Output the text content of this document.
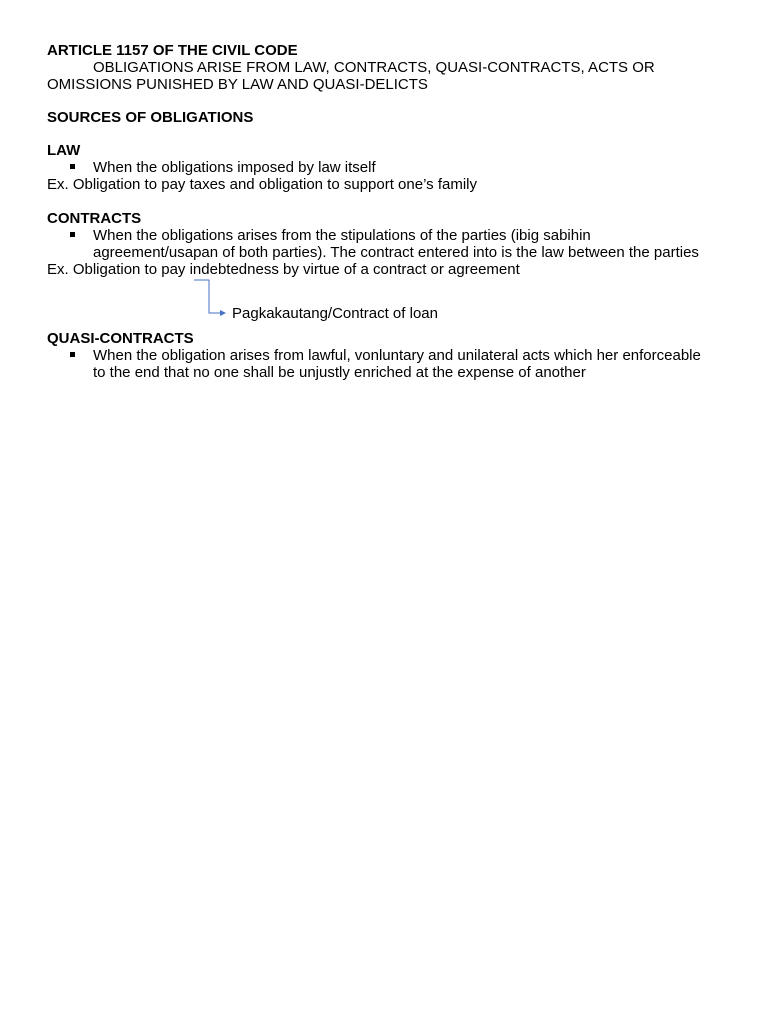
ARTICLE 1157 OF THE CIVIL CODE
OBLIGATIONS ARISE FROM LAW, CONTRACTS, QUASI-CONTRACTS, ACTS OR
OMISSIONS PUNISHED BY LAW AND QUASI-DELICTS
SOURCES OF OBLIGATIONS
LAW
When the obligations imposed by law itself
Ex. Obligation to pay taxes and obligation to support one’s family
CONTRACTS
When the obligations arises from the stipulations of the parties (ibig sabihin
agreement/usapan of both parties). The contract entered into is the law between the parties
Ex. Obligation to pay indebtedness by virtue of a contract or agreement
Pagkakautang/Contract of loan
QUASI-CONTRACTS
When the obligation arises from lawful, vonluntary and unilateral acts which her enforceable
to the end that no one shall be unjustly enriched at the expense of another
